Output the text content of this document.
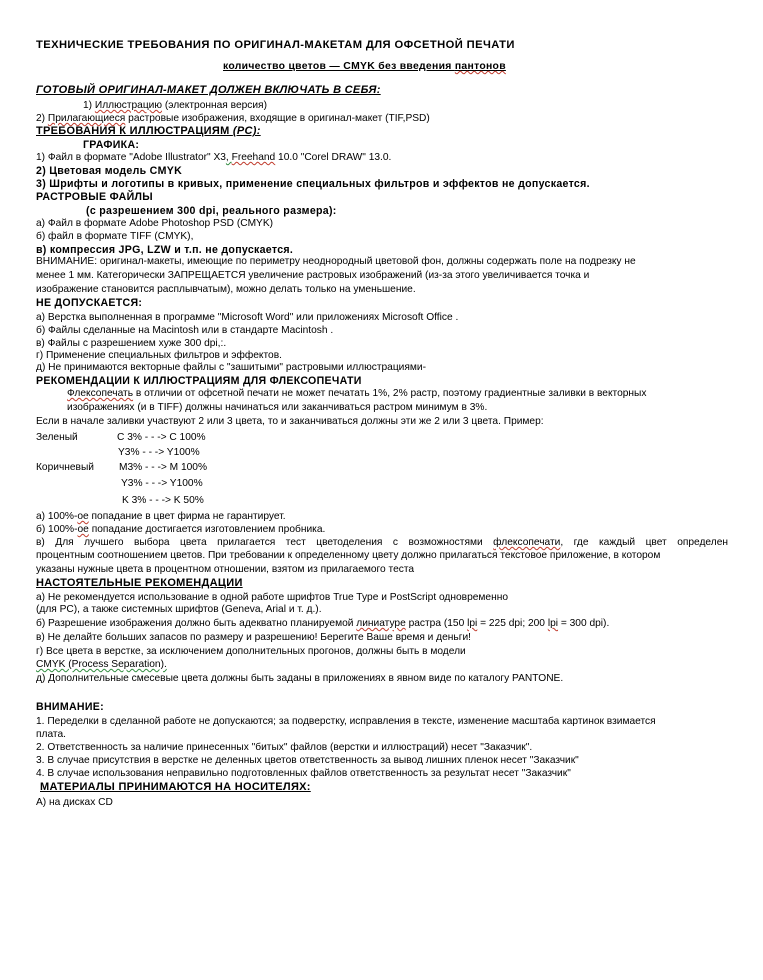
ТЕХНИЧЕСКИЕ ТРЕБОВАНИЯ ПО ОРИГИНАЛ-МАКЕТАМ ДЛЯ ОФСЕТНОЙ ПЕЧАТИ
количество цветов — CMYK без введения пантонов
ГОТОВЫЙ ОРИГИНАЛ-МАКЕТ ДОЛЖЕН ВКЛЮЧАТЬ В СЕБЯ:
1) Иллюстрацию (электронная версия)
2) Прилагающиеся растровые изображения, входящие в оригинал-макет (TIF,PSD)
ТРЕБОВАНИЯ К ИЛЛЮСТРАЦИЯМ (PC):
ГРАФИКА:
1) Файл в формате "Adobe Illustrator" X3, Freehand 10.0 "Corel DRAW" 13.0.
2) Цветовая модель CMYK
3) Шрифты и логотипы в кривых, применение специальных фильтров и эффектов не допускается.
РАСТРОВЫЕ ФАЙЛЫ
(с разрешением 300 dpi, реального размера):
а) Файл в формате Adobe Photoshop PSD (CMYK)
б) файл в формате TIFF (CMYK),
в) компрессия JPG, LZW и т.п. не допускается.
ВНИМАНИЕ: оригинал-макеты, имеющие по периметру неоднородный цветовой фон, должны содержать поле на подрезку не
менее 1 мм. Категорически ЗАПРЕЩАЕТСЯ увеличение растровых изображений (из-за этого увеличивается точка и
изображение становится расплывчатым), можно делать только на уменьшение.
НЕ ДОПУСКАЕТСЯ:
а) Верстка выполненная в программе "Microsoft Word" или приложениях Microsoft Office .
б) Файлы сделанные на Macintosh или в стандарте Macintosh .
в) Файлы с разрешением хуже 300 dpi,:.
г) Применение специальных фильтров и эффектов.
д) Не принимаются векторные файлы с "зашитыми" растровыми иллюстрациями-
РЕКОМЕНДАЦИИ К ИЛЛЮСТРАЦИЯМ ДЛЯ ФЛЕКСОПЕЧАТИ
Флексопечать в отличии от офсетной печати не может печатать 1%, 2% растр, поэтому градиентные заливки в векторных
изображениях (и в TIFF) должны начинаться или заканчиваться растром минимум в 3%.
Если в начале заливки участвуют 2 или 3 цвета, то и заканчиваться должны эти же 2 или 3 цвета. Пример:
Зеленый	C 3% - - -> C 100%
Y3% - - -> Y100%
Коричневый M3% - - -> M 100%
Y3% - - -> Y100%
K 3% - - -> K 50%
а) 100%-ое попадание в цвет фирма не гарантирует.
б) 100%-ое попадание достигается изготовлением пробника.
в) Для лучшего выбора цвета прилагается тест цветоделения с возможностями флексопечати, где каждый цвет определен
процентным соотношением цветов. При требовании к определенному цвету должно прилагаться текстовое приложение, в котором
указаны нужные цвета в процентном отношении, взятом из прилагаемого теста
НАСТОЯТЕЛЬНЫЕ РЕКОМЕНДАЦИИ
а) Не рекомендуется использование в одной работе шрифтов True Type и PostScript одновременно
(для PC), а также системных шрифтов (Geneva, Arial и т. д.).
б) Разрешение изображения должно быть адекватно планируемой линиатуре растра (150 lpi = 225 dpi; 200 lpi = 300 dpi).
в) Не делайте больших запасов по размеру и разрешению! Берегите Ваше время и деньги!
г) Все цвета в верстке, за исключением дополнительных прогонов, должны быть в модели
CMYK (Process Separation).
д) Дополнительные смесевые цвета должны быть заданы в приложениях в явном виде по каталогу PANTONE.
ВНИМАНИЕ:
1. Переделки в сделанной работе не допускаются; за подверстку, исправления в тексте, изменение масштаба картинок взимается
плата.
2. Ответственность за наличие принесенных "битых" файлов (верстки и иллюстраций) несет "Заказчик".
3. В случае присутствия в верстке не деленных цветов ответственность за вывод лишних пленок несет "Заказчик"
4. В случае использования неправильно подготовленных файлов ответственность за результат несет "Заказчик"
МАТЕРИАЛЫ ПРИНИМАЮТСЯ НА НОСИТЕЛЯХ:
А) на дисках CD
